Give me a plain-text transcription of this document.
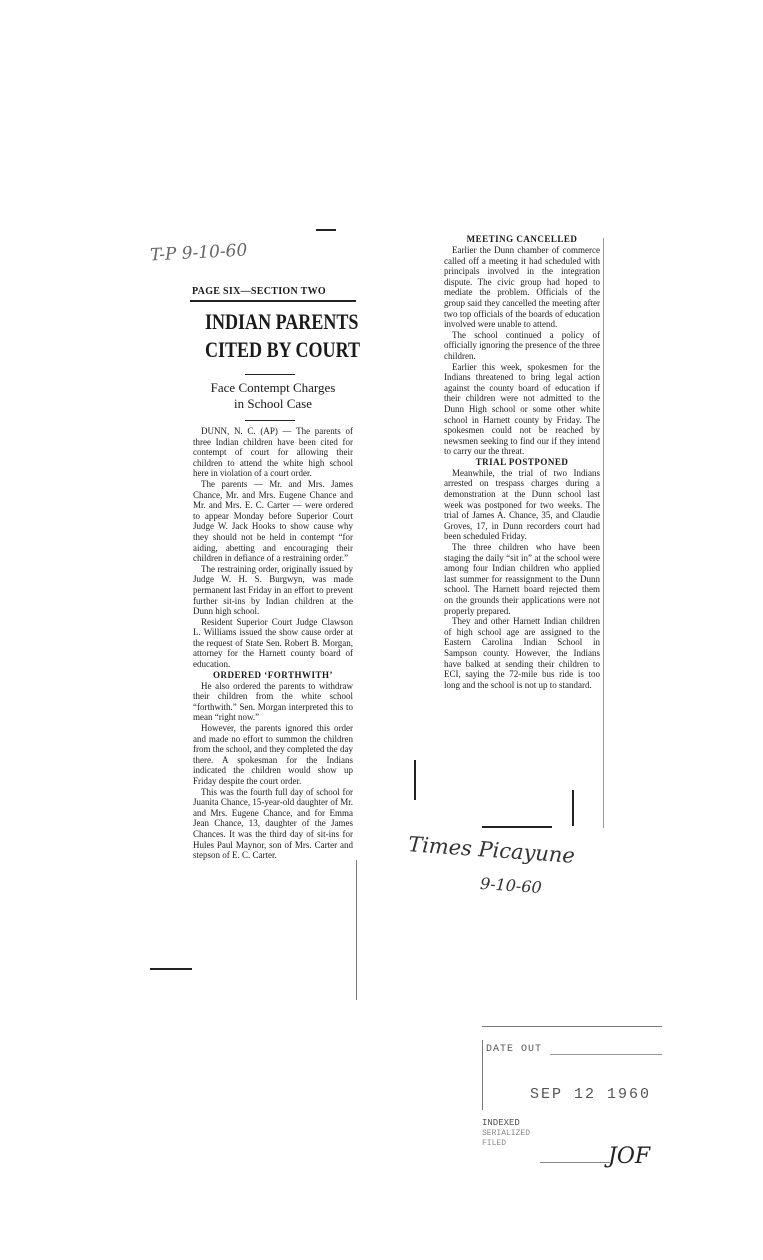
T-P 9-10-60
PAGE SIX—SECTION TWO
INDIAN PARENTS
CITED BY COURT
Face Contempt Charges
in School Case

DUNN, N. C. (AP) — The parents of three Indian children have been cited for contempt of court for allowing their children to attend the white high school here in violation of a court order.

The parents — Mr. and Mrs. James Chance, Mr. and Mrs. Eugene Chance and Mr. and Mrs. E. C. Carter — were ordered to appear Monday before Superior Court Judge W. Jack Hooks to show cause why they should not be held in contempt “for aiding, abetting and encouraging their children in defiance of a restraining order.”

The restraining order, originally issued by Judge W. H. S. Burgwyn, was made permanent last Friday in an effort to prevent further sit-ins by Indian children at the Dunn high school.

Resident Superior Court Judge Clawson L. Williams issued the show cause order at the request of State Sen. Robert B. Morgan, attorney for the Harnett county board of education.

ORDERED ‘FORTHWITH’

He also ordered the parents to withdraw their children from the white school “forthwith.” Sen. Morgan interpreted this to mean “right now.”

However, the parents ignored this order and made no effort to summon the children from the school, and they completed the day there. A spokesman for the Indians indicated the children would show up Friday despite the court order.

This was the fourth full day of school for Juanita Chance, 15-year-old daughter of Mr. and Mrs. Eugene Chance, and for Emma Jean Chance, 13, daughter of the James Chances. It was the third day of sit-ins for Hules Paul Maynor, son of Mrs. Carter and stepson of E. C. Carter.

MEETING CANCELLED

Earlier the Dunn chamber of commerce called off a meeting it had scheduled with principals involved in the integration dispute. The civic group had hoped to mediate the problem. Officials of the group said they cancelled the meeting after two top officials of the boards of education involved were unable to attend.

The school continued a policy of officially ignoring the presence of the three children.

Earlier this week, spokesmen for the Indians threatened to bring legal action against the county board of education if their children were not admitted to the Dunn High school or some other white school in Harnett county by Friday. The spokesmen could not be reached by newsmen seeking to find our if they intend to carry our the threat.

TRIAL POSTPONED

Meanwhile, the trial of two Indians arrested on trespass charges during a demonstration at the Dunn school last week was postponed for two weeks. The trial of James A. Chance, 35, and Claudie Groves, 17, in Dunn recorders court had been scheduled Friday.

The three children who have been staging the daily “sit in” at the school were among four Indian children who applied last summer for reassignment to the Dunn school. The Harnett board rejected them on the grounds their applications were not properly prepared.

They and other Harnett Indian children of high school age are assigned to the Eastern Carolina Indian School in Sampson county. However, the Indians have balked at sending their children to ECI, saying the 72-mile bus ride is too long and the school is not up to standard.

Times Picayune
9-10-60
DATE OUT
SEP 12 1960
INDEXED
SERIALIZED
FILED
JOF
